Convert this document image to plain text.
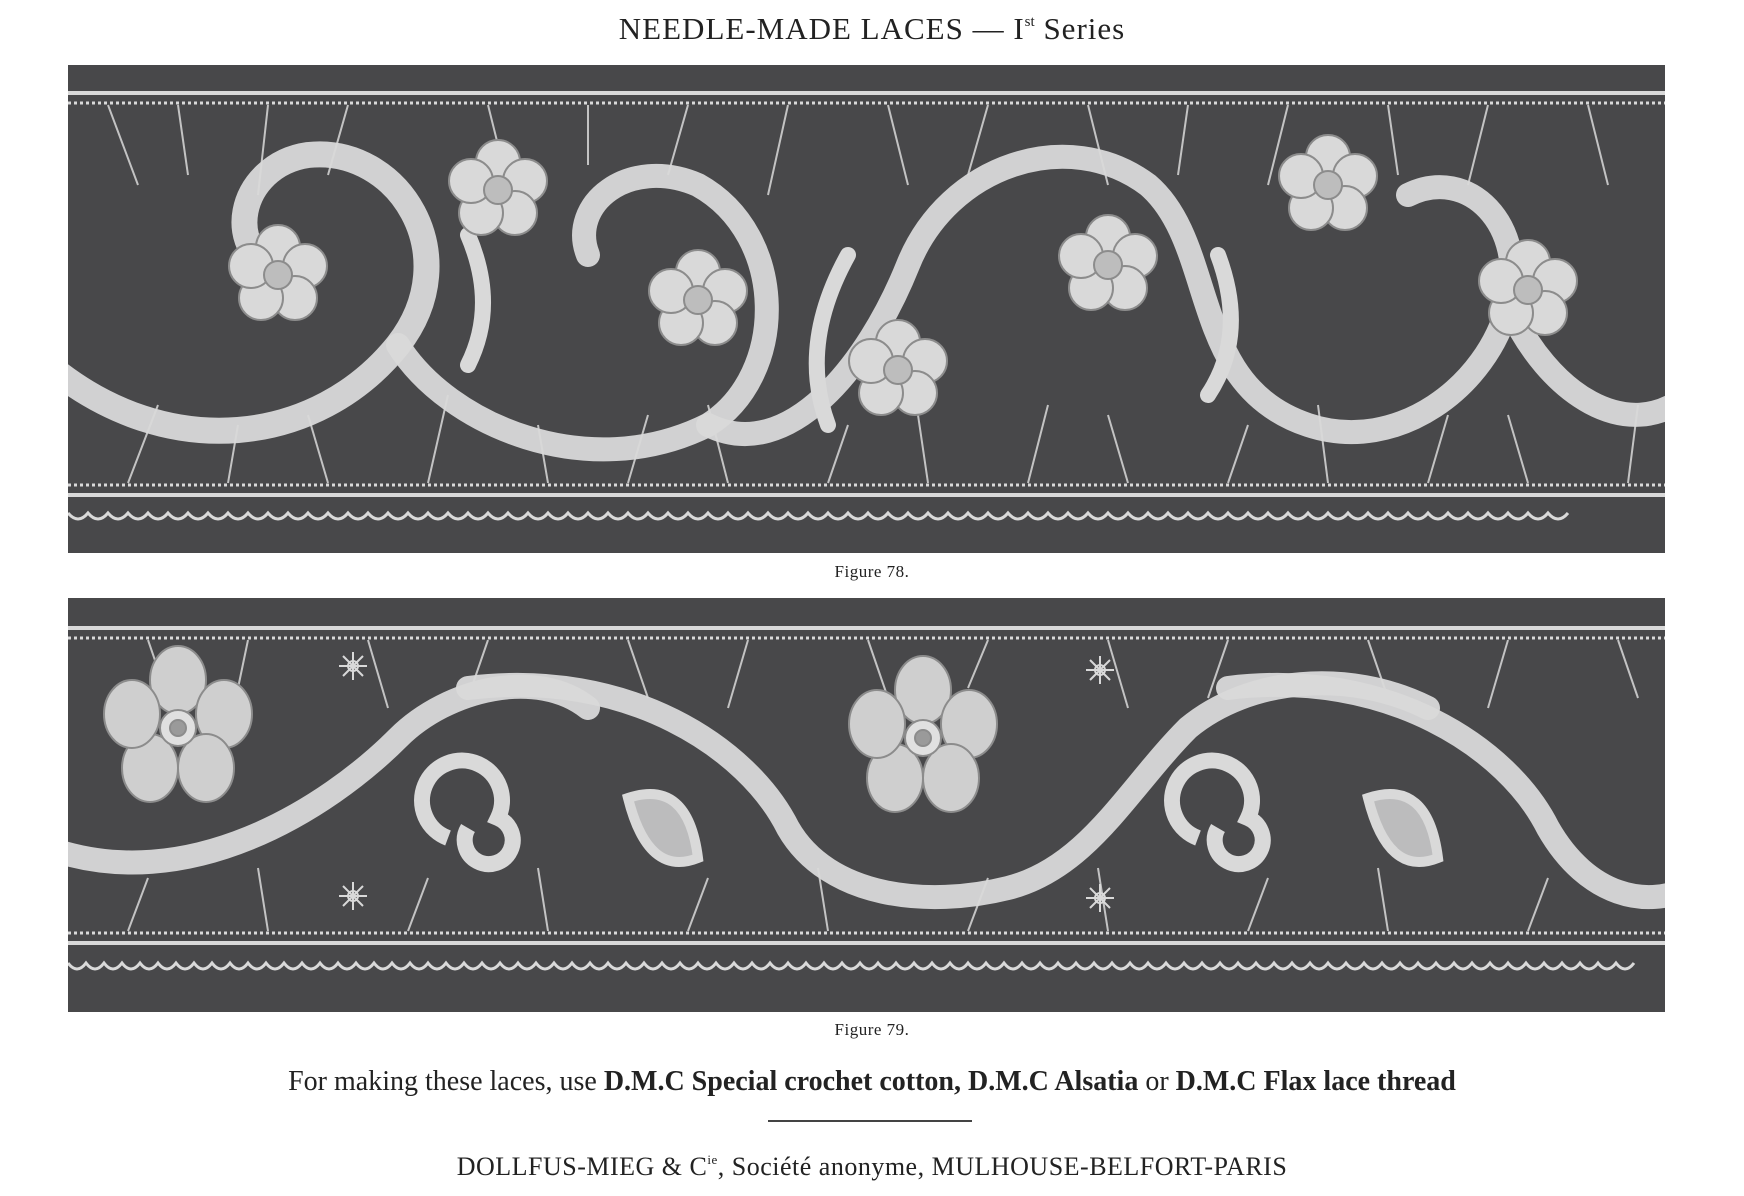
NEEDLE-MADE LACES — Ist Series
Figure 78.
Figure 79.
For making these laces, use D.M.C Special crochet cotton, D.M.C Alsatia or D.M.C Flax lace thread
DOLLFUS-MIEG & $C^{ie}$, Société anonyme, MULHOUSE-BELFORT-PARIS
